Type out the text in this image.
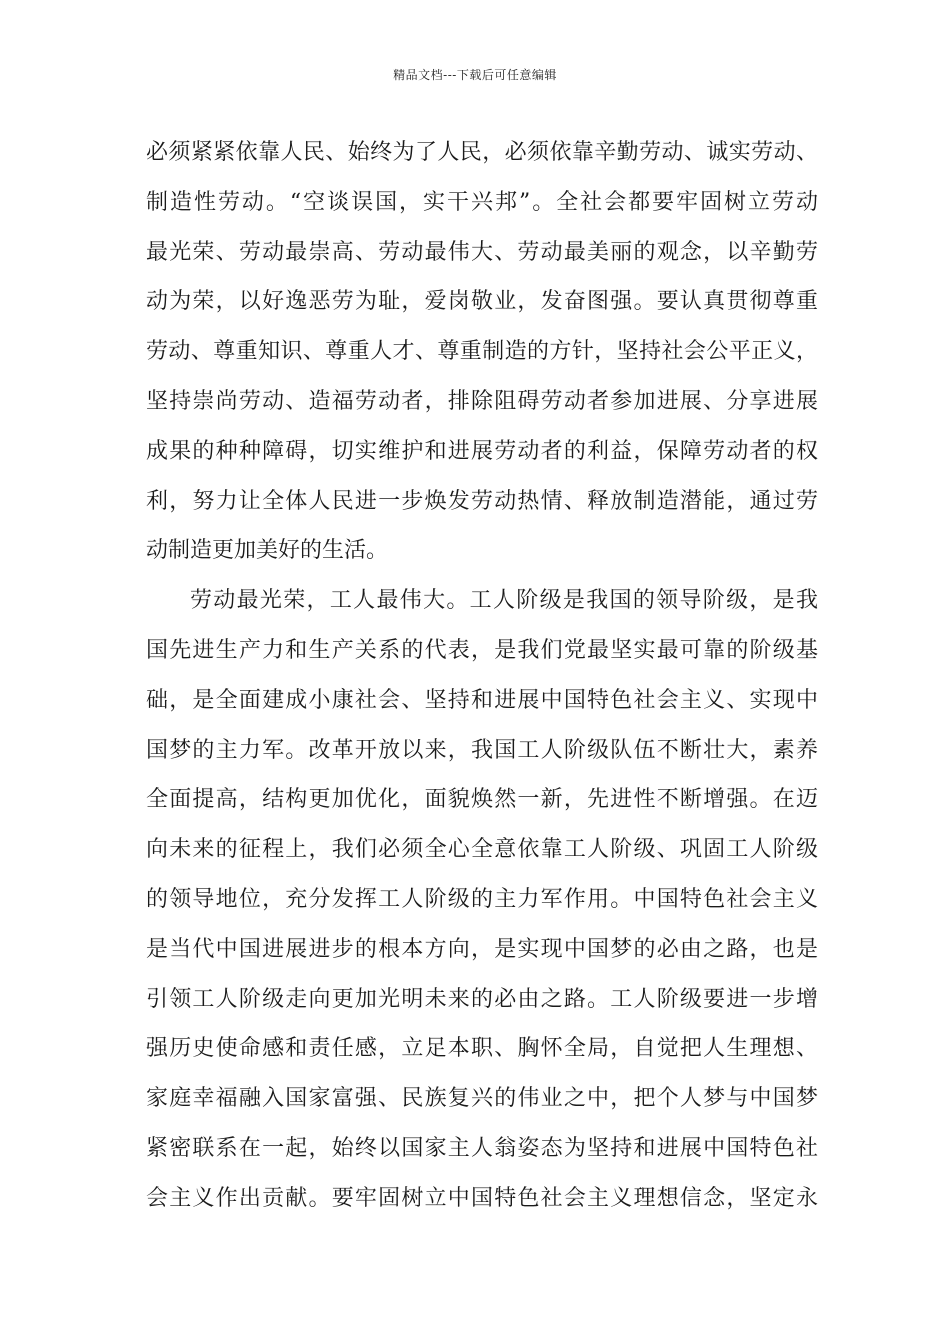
精品文档---下载后可任意编辑
必须紧紧依靠人民、始终为了人民，必须依靠辛勤劳动、诚实劳动、
制造性劳动。“空谈误国，实干兴邦”。全社会都要牢固树立劳动
最光荣、劳动最崇高、劳动最伟大、劳动最美丽的观念，以辛勤劳
动为荣，以好逸恶劳为耻，爱岗敬业，发奋图强。要认真贯彻尊重
劳动、尊重知识、尊重人才、尊重制造的方针，坚持社会公平正义，
坚持崇尚劳动、造福劳动者，排除阻碍劳动者参加进展、分享进展
成果的种种障碍，切实维护和进展劳动者的利益，保障劳动者的权
利，努力让全体人民进一步焕发劳动热情、释放制造潜能，通过劳
动制造更加美好的生活。
劳动最光荣，工人最伟大。工人阶级是我国的领导阶级，是我
国先进生产力和生产关系的代表，是我们党最坚实最可靠的阶级基
础，是全面建成小康社会、坚持和进展中国特色社会主义、实现中
国梦的主力军。改革开放以来，我国工人阶级队伍不断壮大，素养
全面提高，结构更加优化，面貌焕然一新，先进性不断增强。在迈
向未来的征程上，我们必须全心全意依靠工人阶级、巩固工人阶级
的领导地位，充分发挥工人阶级的主力军作用。中国特色社会主义
是当代中国进展进步的根本方向，是实现中国梦的必由之路，也是
引领工人阶级走向更加光明未来的必由之路。工人阶级要进一步增
强历史使命感和责任感，立足本职、胸怀全局，自觉把人生理想、
家庭幸福融入国家富强、民族复兴的伟业之中，把个人梦与中国梦
紧密联系在一起，始终以国家主人翁姿态为坚持和进展中国特色社
会主义作出贡献。要牢固树立中国特色社会主义理想信念，坚定永
